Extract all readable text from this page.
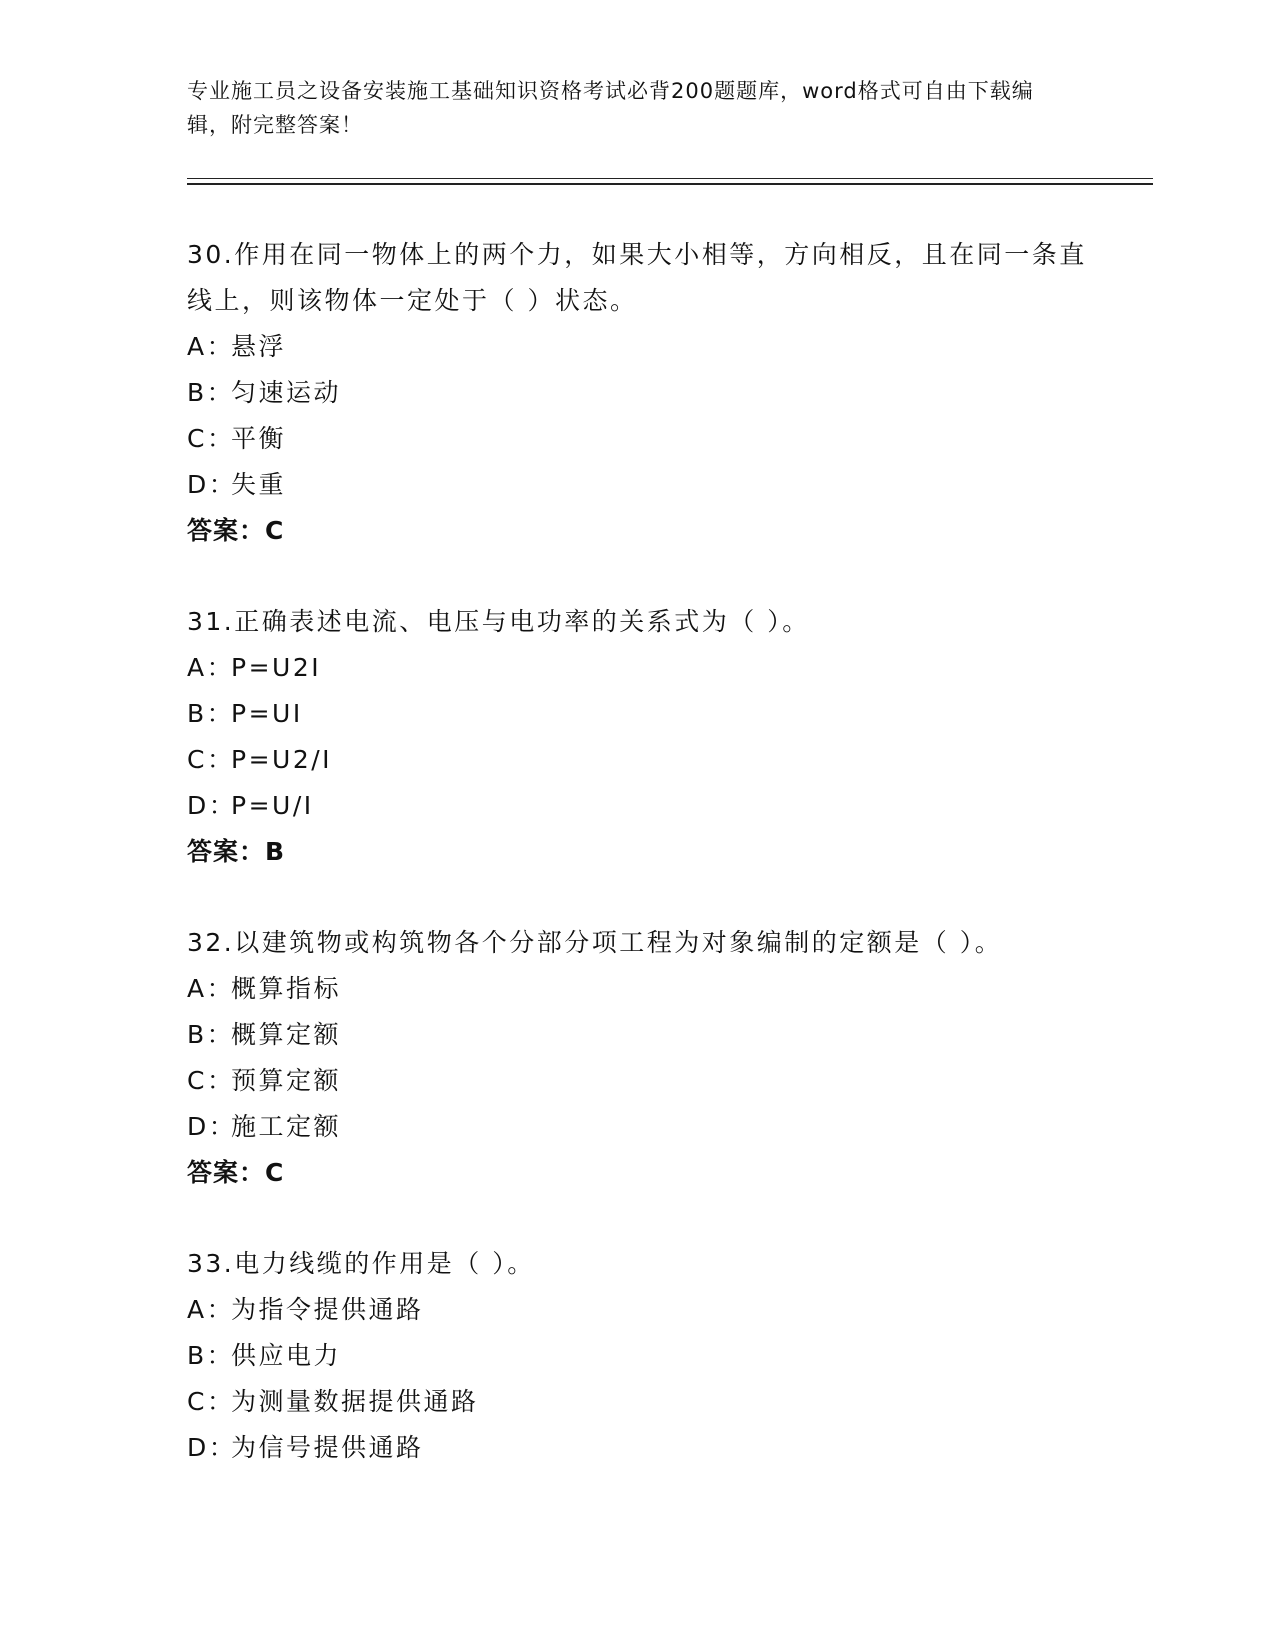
专业施工员之设备安装施工基础知识资格考试必背200题题库，word格式可自由下载编辑，附完整答案！

30.作用在同一物体上的两个力，如果大小相等，方向相反，且在同一条直线上，则该物体一定处于（ ）状态。

A：悬浮

B：匀速运动

C：平衡

D：失重

答案：C

31.正确表述电流、电压与电功率的关系式为（ ）。

A：P=U2I

B：P=UI

C：P=U2/I

D：P=U/I

答案：B

32.以建筑物或构筑物各个分部分项工程为对象编制的定额是（ ）。

A：概算指标

B：概算定额

C：预算定额

D：施工定额

答案：C

33.电力线缆的作用是（ ）。

A：为指令提供通路

B：供应电力

C：为测量数据提供通路

D：为信号提供通路
